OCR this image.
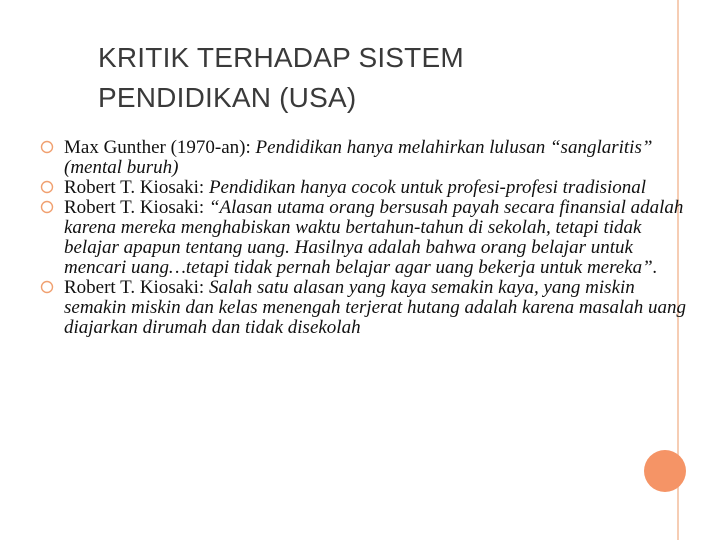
KRITIK TERHADAP SISTEM
PENDIDIKAN (USA)
Max Gunther (1970-an): Pendidikan hanya melahirkan lulusan “sanglaritis” (mental buruh)
Robert T. Kiosaki: Pendidikan hanya cocok untuk profesi-profesi tradisional
Robert T. Kiosaki: “Alasan utama orang bersusah payah secara finansial adalah karena mereka menghabiskan waktu bertahun-tahun di sekolah, tetapi tidak belajar apapun tentang uang. Hasilnya adalah bahwa orang belajar untuk mencari uang…tetapi tidak pernah belajar agar uang bekerja untuk mereka”.
Robert T. Kiosaki: Salah satu alasan yang kaya semakin kaya, yang miskin semakin miskin dan kelas menengah terjerat hutang adalah karena masalah uang diajarkan dirumah dan tidak disekolah
